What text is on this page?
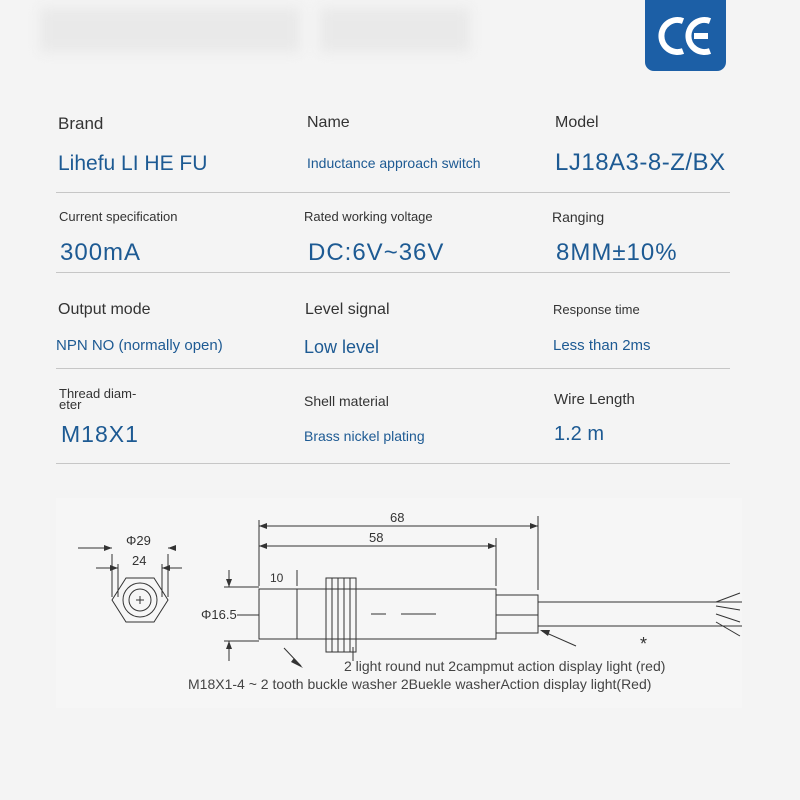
Brand
Lihefu LI HE FU
Name
Inductance approach switch
Model
LJ18A3-8-Z/BX
Current specification
300mA
Rated working voltage
DC:6V~36V
Ranging
8MM±10%
Output mode
NPN NO (normally open)
Level signal
Low level
Response time
Less than 2ms
Thread diam-
eter
M18X1
Shell material
Brass nickel plating
Wire Length
1.2 m
Φ29
24
68
58
10
Φ16.5
*
2 light round nut 2campmut action display light (red)
M18X1-4 ~ 2 tooth buckle washer 2Buekle washerAction display light(Red)
